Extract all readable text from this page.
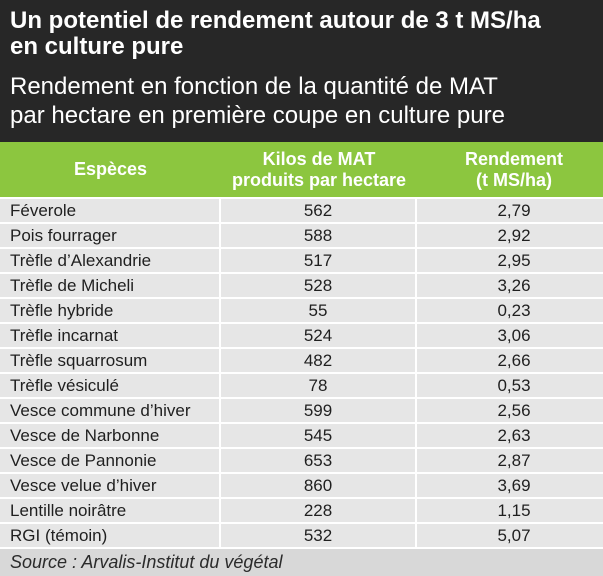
Un potentiel de rendement autour de 3 t MS/ha en culture pure
Rendement en fonction de la quantité de MAT par hectare en première coupe en culture pure
Espèces
Kilos de MAT produits par hectare
Rendement (t MS/ha)
Féverole	562	2,79
Pois fourrager	588	2,92
Trèfle d’Alexandrie	517	2,95
Trèfle de Micheli	528	3,26
Trèfle hybride	55	0,23
Trèfle incarnat	524	3,06
Trèfle squarrosum	482	2,66
Trèfle vésiculé	78	0,53
Vesce commune d’hiver	599	2,56
Vesce de Narbonne	545	2,63
Vesce de Pannonie	653	2,87
Vesce velue d’hiver	860	3,69
Lentille noirâtre	228	1,15
RGI (témoin)	532	5,07
Source : Arvalis-Institut du végétal
